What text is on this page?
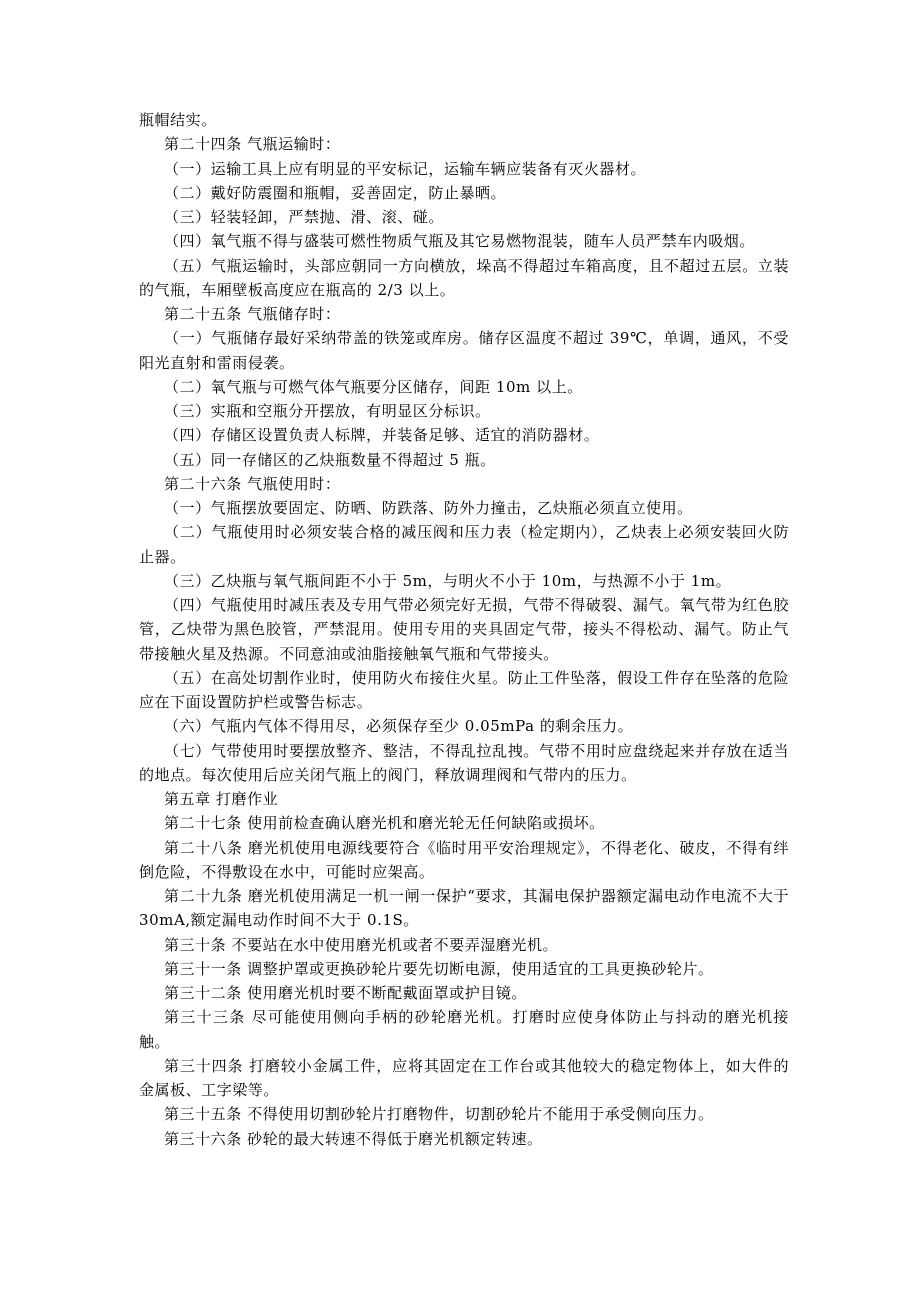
瓶帽结实。

第二十四条 气瓶运输时：

（一）运输工具上应有明显的平安标记，运输车辆应装备有灭火器材。

（二）戴好防震圈和瓶帽，妥善固定，防止暴晒。

（三）轻装轻卸，严禁抛、滑、滚、碰。

（四）氧气瓶不得与盛装可燃性物质气瓶及其它易燃物混装，随车人员严禁车内吸烟。

（五）气瓶运输时，头部应朝同一方向横放，垛高不得超过车箱高度，且不超过五层。立装的气瓶，车厢壁板高度应在瓶高的 2/3 以上。

第二十五条 气瓶储存时：

（一）气瓶储存最好采纳带盖的铁笼或库房。储存区温度不超过 39℃，单调，通风，不受阳光直射和雷雨侵袭。

（二）氧气瓶与可燃气体气瓶要分区储存，间距 10m 以上。

（三）实瓶和空瓶分开摆放，有明显区分标识。

（四）存储区设置负责人标牌，并装备足够、适宜的消防器材。

（五）同一存储区的乙炔瓶数量不得超过 5 瓶。

第二十六条 气瓶使用时：

（一）气瓶摆放要固定、防晒、防跌落、防外力撞击，乙炔瓶必须直立使用。

（二）气瓶使用时必须安装合格的减压阀和压力表（检定期内），乙炔表上必须安装回火防止器。

（三）乙炔瓶与氧气瓶间距不小于 5m，与明火不小于 10m，与热源不小于 1m。

（四）气瓶使用时减压表及专用气带必须完好无损，气带不得破裂、漏气。氧气带为红色胶管，乙炔带为黑色胶管，严禁混用。使用专用的夹具固定气带，接头不得松动、漏气。防止气带接触火星及热源。不同意油或油脂接触氧气瓶和气带接头。

（五）在高处切割作业时，使用防火布接住火星。防止工件坠落，假设工件存在坠落的危险应在下面设置防护栏或警告标志。

（六）气瓶内气体不得用尽，必须保存至少 0.05mPa 的剩余压力。

（七）气带使用时要摆放整齐、整洁，不得乱拉乱拽。气带不用时应盘绕起来并存放在适当的地点。每次使用后应关闭气瓶上的阀门，释放调理阀和气带内的压力。

第五章 打磨作业

第二十七条 使用前检查确认磨光机和磨光轮无任何缺陷或损坏。

第二十八条 磨光机使用电源线要符合《临时用平安治理规定》，不得老化、破皮，不得有绊倒危险，不得敷设在水中，可能时应架高。

第二十九条 磨光机使用满足一机一闸一保护“要求，其漏电保护器额定漏电动作电流不大于 30mA,额定漏电动作时间不大于 0.1S。

第三十条 不要站在水中使用磨光机或者不要弄湿磨光机。

第三十一条 调整护罩或更换砂轮片要先切断电源，使用适宜的工具更换砂轮片。

第三十二条 使用磨光机时要不断配戴面罩或护目镜。

第三十三条 尽可能使用侧向手柄的砂轮磨光机。打磨时应使身体防止与抖动的磨光机接触。

第三十四条 打磨较小金属工件，应将其固定在工作台或其他较大的稳定物体上，如大件的金属板、工字梁等。

第三十五条 不得使用切割砂轮片打磨物件，切割砂轮片不能用于承受侧向压力。

第三十六条 砂轮的最大转速不得低于磨光机额定转速。
